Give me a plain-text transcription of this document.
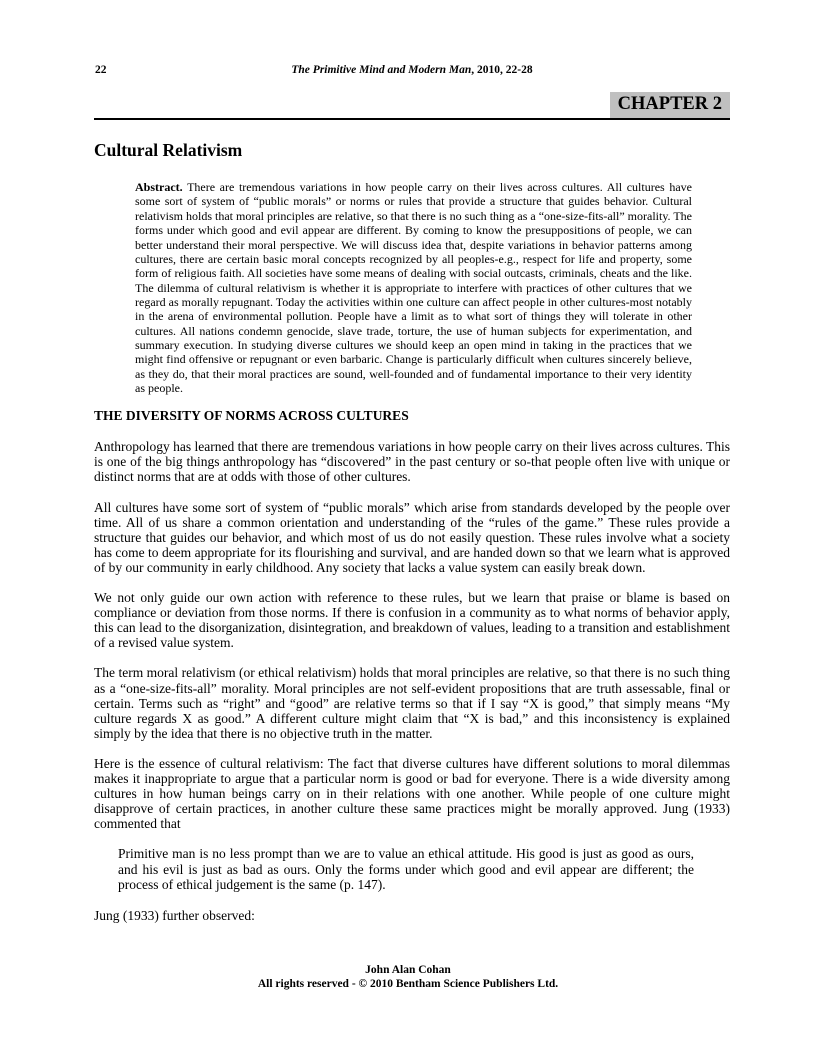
22	The Primitive Mind and Modern Man, 2010, 22-28
CHAPTER 2
Cultural Relativism

Abstract. There are tremendous variations in how people carry on their lives across cultures. All cultures have some sort of system of “public morals” or norms or rules that provide a structure that guides behavior. Cultural relativism holds that moral principles are relative, so that there is no such thing as a “one-size-fits-all” morality. The forms under which good and evil appear are different. By coming to know the presuppositions of people, we can better understand their moral perspective. We will discuss idea that, despite variations in behavior patterns among cultures, there are certain basic moral concepts recognized by all peoples-e.g., respect for life and property, some form of religious faith. All societies have some means of dealing with social outcasts, criminals, cheats and the like. The dilemma of cultural relativism is whether it is appropriate to interfere with practices of other cultures that we regard as morally repugnant. Today the activities within one culture can affect people in other cultures-most notably in the arena of environmental pollution. People have a limit as to what sort of things they will tolerate in other cultures. All nations condemn genocide, slave trade, torture, the use of human subjects for experimentation, and summary execution. In studying diverse cultures we should keep an open mind in taking in the practices that we might find offensive or repugnant or even barbaric. Change is particularly difficult when cultures sincerely believe, as they do, that their moral practices are sound, well-founded and of fundamental importance to their very identity as people.

THE DIVERSITY OF NORMS ACROSS CULTURES

Anthropology has learned that there are tremendous variations in how people carry on their lives across cultures. This is one of the big things anthropology has “discovered” in the past century or so-that people often live with unique or distinct norms that are at odds with those of other cultures.

All cultures have some sort of system of “public morals” which arise from standards developed by the people over time. All of us share a common orientation and understanding of the “rules of the game.” These rules provide a structure that guides our behavior, and which most of us do not easily question. These rules involve what a society has come to deem appropriate for its flourishing and survival, and are handed down so that we learn what is approved of by our community in early childhood. Any society that lacks a value system can easily break down.

We not only guide our own action with reference to these rules, but we learn that praise or blame is based on compliance or deviation from those norms. If there is confusion in a community as to what norms of behavior apply, this can lead to the disorganization, disintegration, and breakdown of values, leading to a transition and establishment of a revised value system.

The term moral relativism (or ethical relativism) holds that moral principles are relative, so that there is no such thing as a “one-size-fits-all” morality. Moral principles are not self-evident propositions that are truth assessable, final or certain. Terms such as “right” and “good” are relative terms so that if I say “X is good,” that simply means “My culture regards X as good.” A different culture might claim that “X is bad,” and this inconsistency is explained simply by the idea that there is no objective truth in the matter.

Here is the essence of cultural relativism: The fact that diverse cultures have different solutions to moral dilemmas makes it inappropriate to argue that a particular norm is good or bad for everyone. There is a wide diversity among cultures in how human beings carry on in their relations with one another. While people of one culture might disapprove of certain practices, in another culture these same practices might be morally approved. Jung (1933) commented that

Primitive man is no less prompt than we are to value an ethical attitude. His good is just as good as ours, and his evil is just as bad as ours. Only the forms under which good and evil appear are different; the process of ethical judgement is the same (p. 147).

Jung (1933) further observed:

John Alan Cohan
All rights reserved - © 2010 Bentham Science Publishers Ltd.
